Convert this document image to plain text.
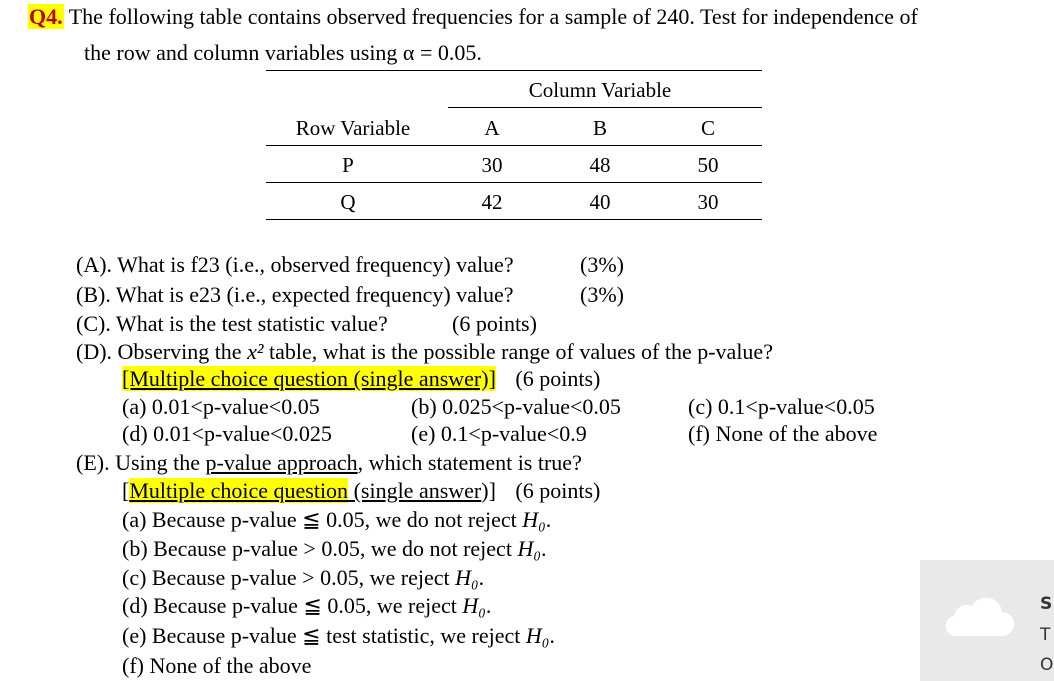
Q4. The following table contains observed frequencies for a sample of 240. Test for independence of
the row and column variables using α = 0.05.
Column Variable
Row Variable	A	B	C
P	30	48	50
Q	42	40	30
(A). What is f23 (i.e., observed frequency) value?	(3%)
(B). What is e23 (i.e., expected frequency) value?	(3%)
(C). What is the test statistic value?	(6 points)
(D). Observing the x² table, what is the possible range of values of the p-value?
[Multiple choice question (single answer)] (6 points)
(a) 0.01<p-value<0.05	(b) 0.025<p-value<0.05	(c) 0.1<p-value<0.05
(d) 0.01<p-value<0.025	(e) 0.1<p-value<0.9	(f) None of the above
(E). Using the p-value approach, which statement is true?
[Multiple choice question (single answer)] (6 points)
(a) Because p-value ≦ 0.05, we do not reject H₀.
(b) Because p-value > 0.05, we do not reject H₀.
(c) Because p-value > 0.05, we reject H₀.
(d) Because p-value ≦ 0.05, we reject H₀.
(e) Because p-value ≦ test statistic, we reject H₀.
(f) None of the above
S
T
O
